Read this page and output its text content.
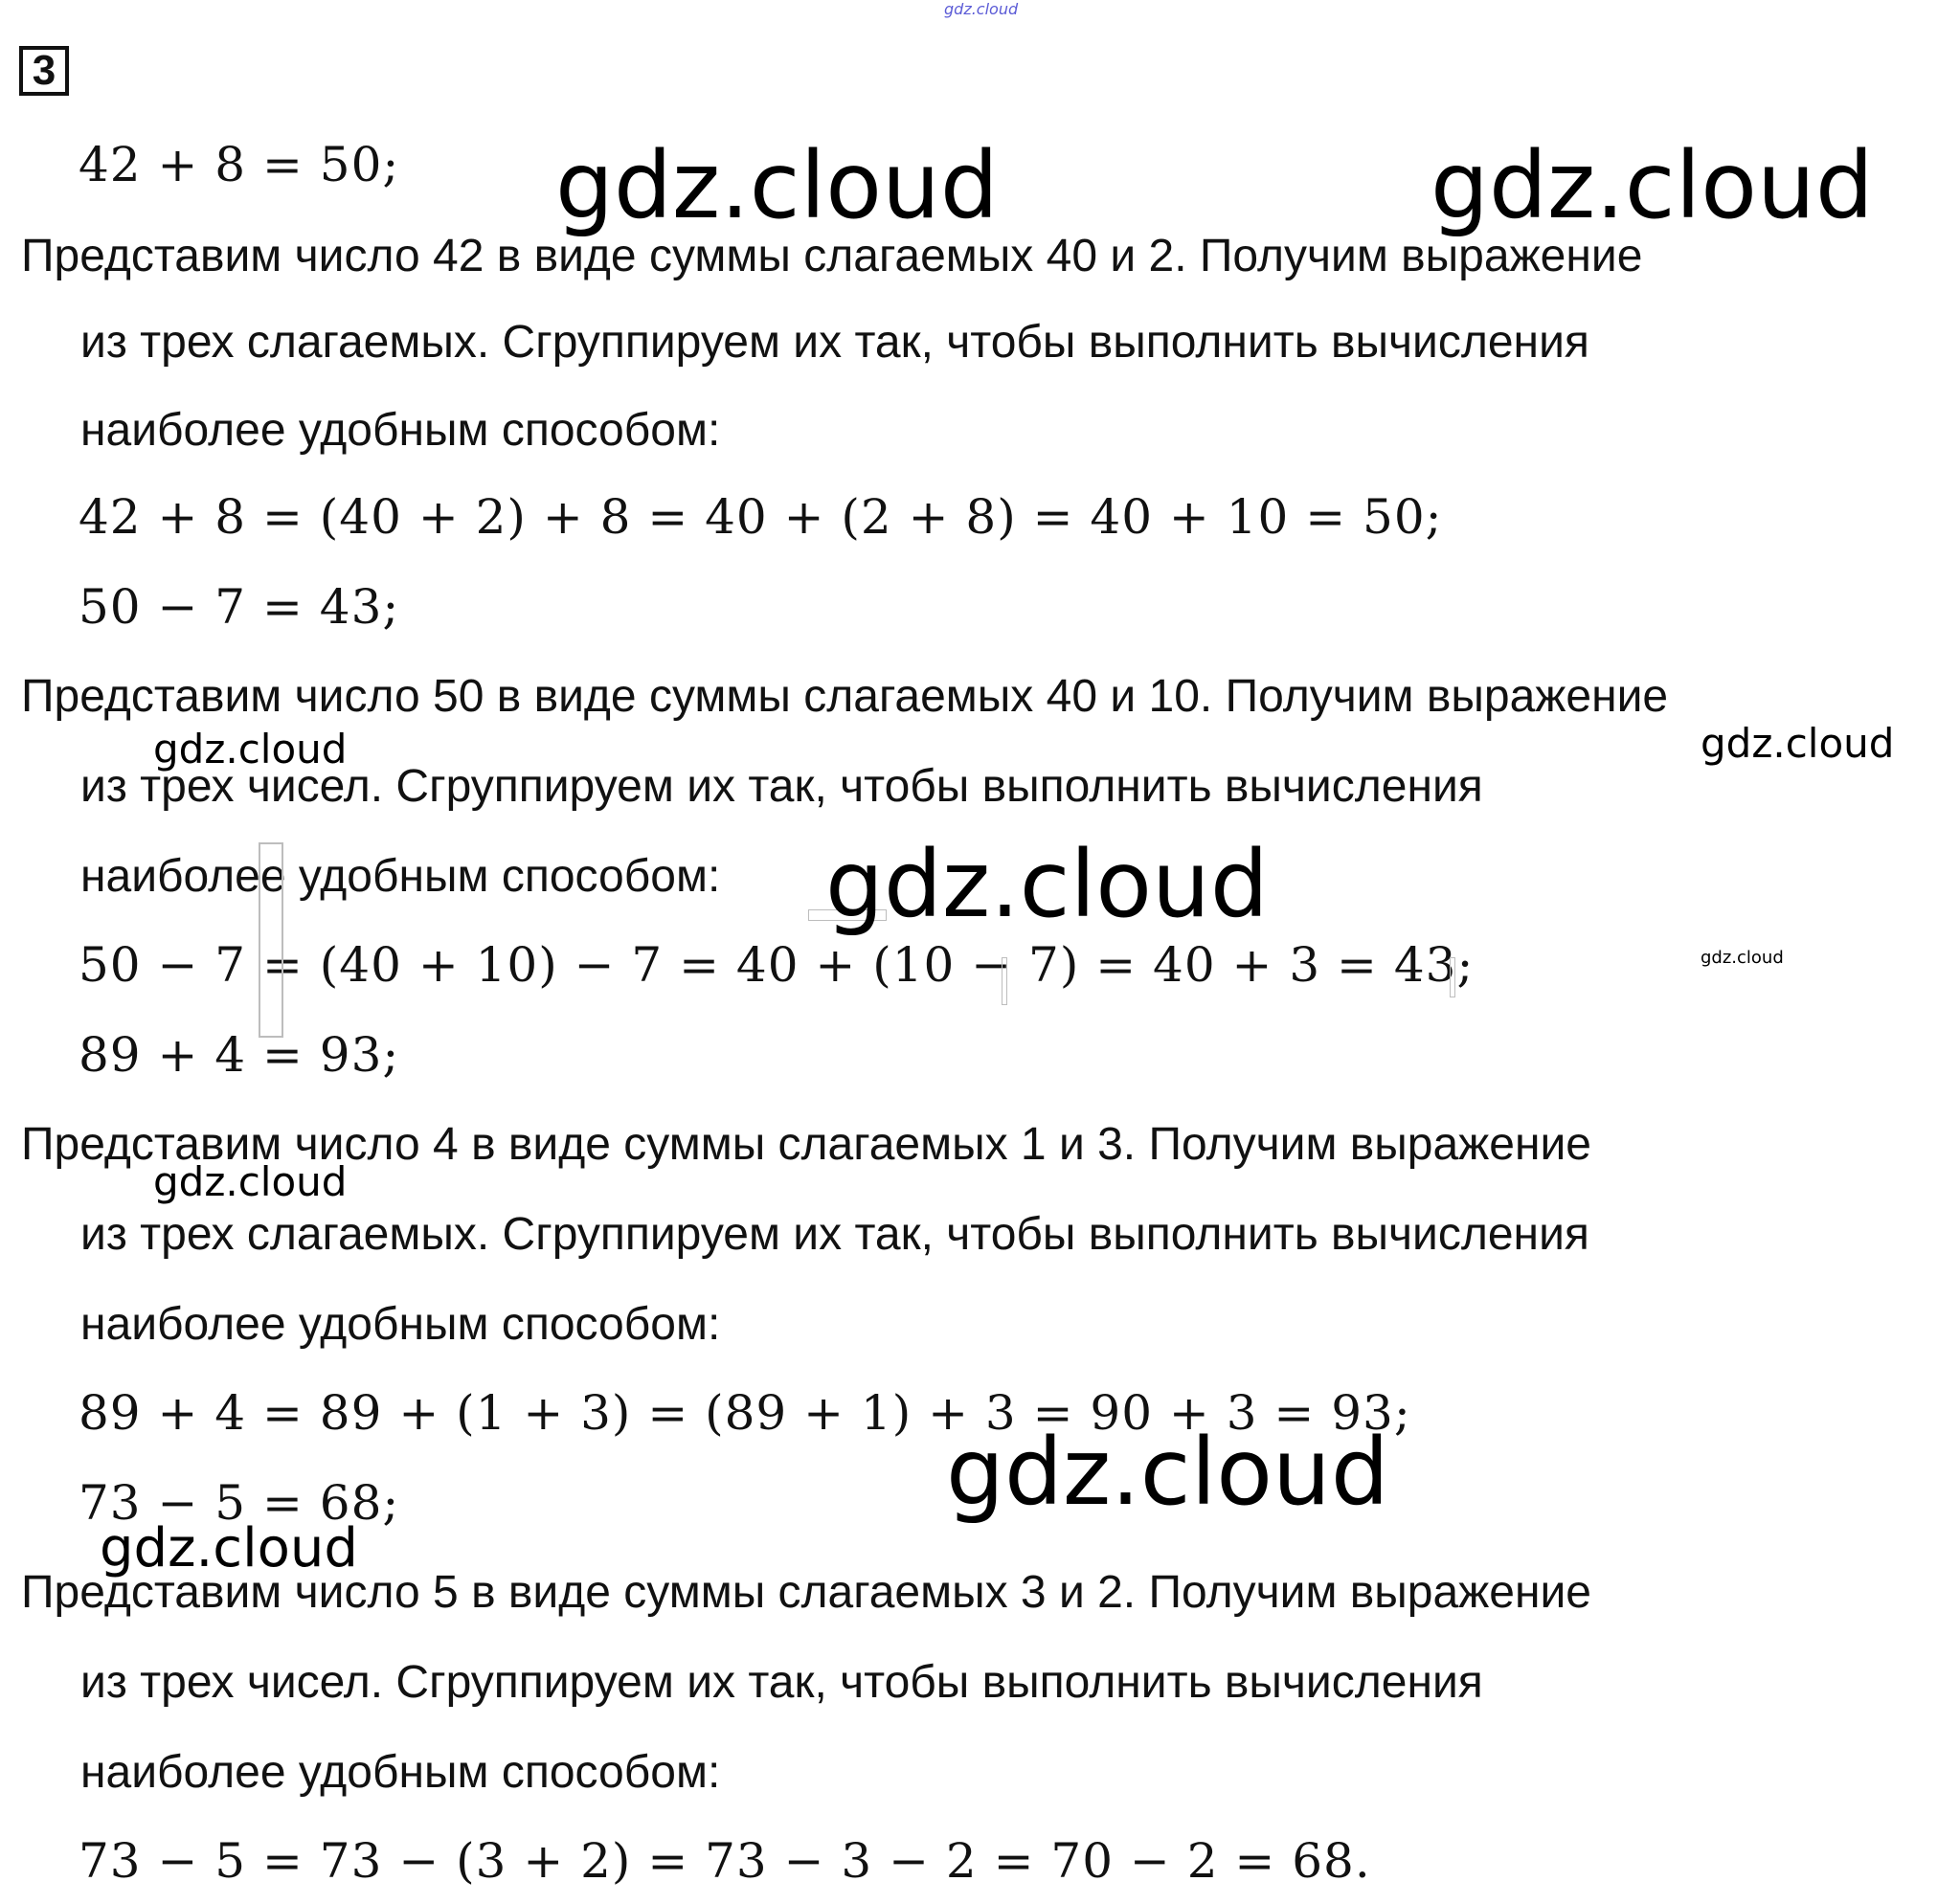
gdz.cloud
3
42 + 8 = 50;
Представим число 42 в виде суммы слагаемых 40 и 2. Получим выражение
из трех слагаемых. Сгруппируем их так, чтобы выполнить вычисления
наиболее удобным способом:
42 + 8 = (40 + 2) + 8 = 40 + (2 + 8) = 40 + 10 = 50;
50 − 7 = 43;
Представим число 50 в виде суммы слагаемых 40 и 10. Получим выражение
из трех чисел. Сгруппируем их так, чтобы выполнить вычисления
наиболее удобным способом:
50 − 7 = (40 + 10) − 7 = 40 + (10 − 7) = 40 + 3 = 43;
89 + 4 = 93;
Представим число 4 в виде суммы слагаемых 1 и 3. Получим выражение
из трех слагаемых. Сгруппируем их так, чтобы выполнить вычисления
наиболее удобным способом:
89 + 4 = 89 + (1 + 3) = (89 + 1) + 3 = 90 + 3 = 93;
73 − 5 = 68;
Представим число 5 в виде суммы слагаемых 3 и 2. Получим выражение
из трех чисел. Сгруппируем их так, чтобы выполнить вычисления
наиболее удобным способом:
73 − 5 = 73 − (3 + 2) = 73 − 3 − 2 = 70 − 2 = 68.
gdz.cloud	gdz.cloud
gdz.cloud	gdz.cloud
gdz.cloud
gdz.cloud
gdz.cloud
gdz.cloud
gdz.cloud
